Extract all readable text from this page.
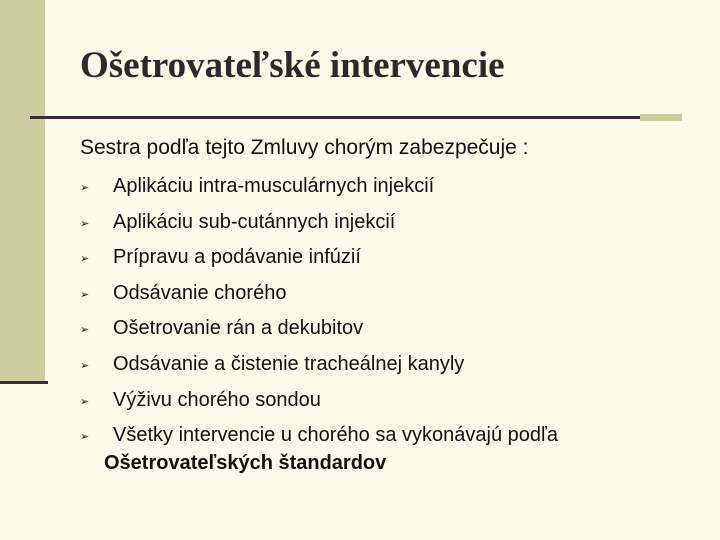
Ošetrovateľské intervencie
Sestra podľa tejto Zmluvy chorým zabezpečuje :
➢ Aplikáciu intra-musculárnych injekcií
➢ Aplikáciu sub-cutánnych injekcií
➢ Prípravu a podávanie infúzií
➢ Odsávanie chorého
➢ Ošetrovanie rán a dekubitov
➢ Odsávanie a čistenie tracheálnej kanyly
➢ Výživu chorého sondou
➢ Všetky intervencie u chorého sa vykonávajú podľa
Ošetrovateľských štandardov
